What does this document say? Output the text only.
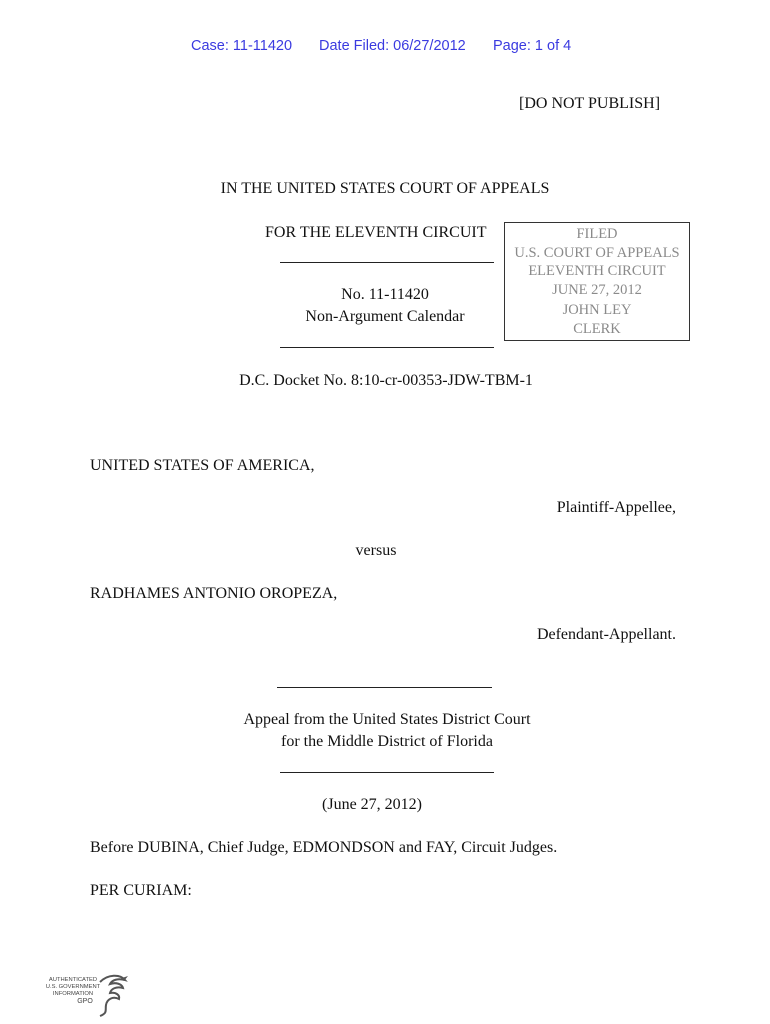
Case: 11-11420 Date Filed: 06/27/2012 Page: 1 of 4
[DO NOT PUBLISH]
IN THE UNITED STATES COURT OF APPEALS
FOR THE ELEVENTH CIRCUIT	FILED
U.S. COURT OF APPEALS
ELEVENTH CIRCUIT
JUNE 27, 2012
JOHN LEY
CLERK
No. 11-11420
Non-Argument Calendar
D.C. Docket No. 8:10-cr-00353-JDW-TBM-1
UNITED STATES OF AMERICA,
Plaintiff-Appellee,
versus
RADHAMES ANTONIO OROPEZA,
Defendant-Appellant.
Appeal from the United States District Court
for the Middle District of Florida
(June 27, 2012)
Before DUBINA, Chief Judge, EDMONDSON and FAY, Circuit Judges.
PER CURIAM:
AUTHENTICATED
U.S. GOVERNMENT
INFORMATION
GPO
